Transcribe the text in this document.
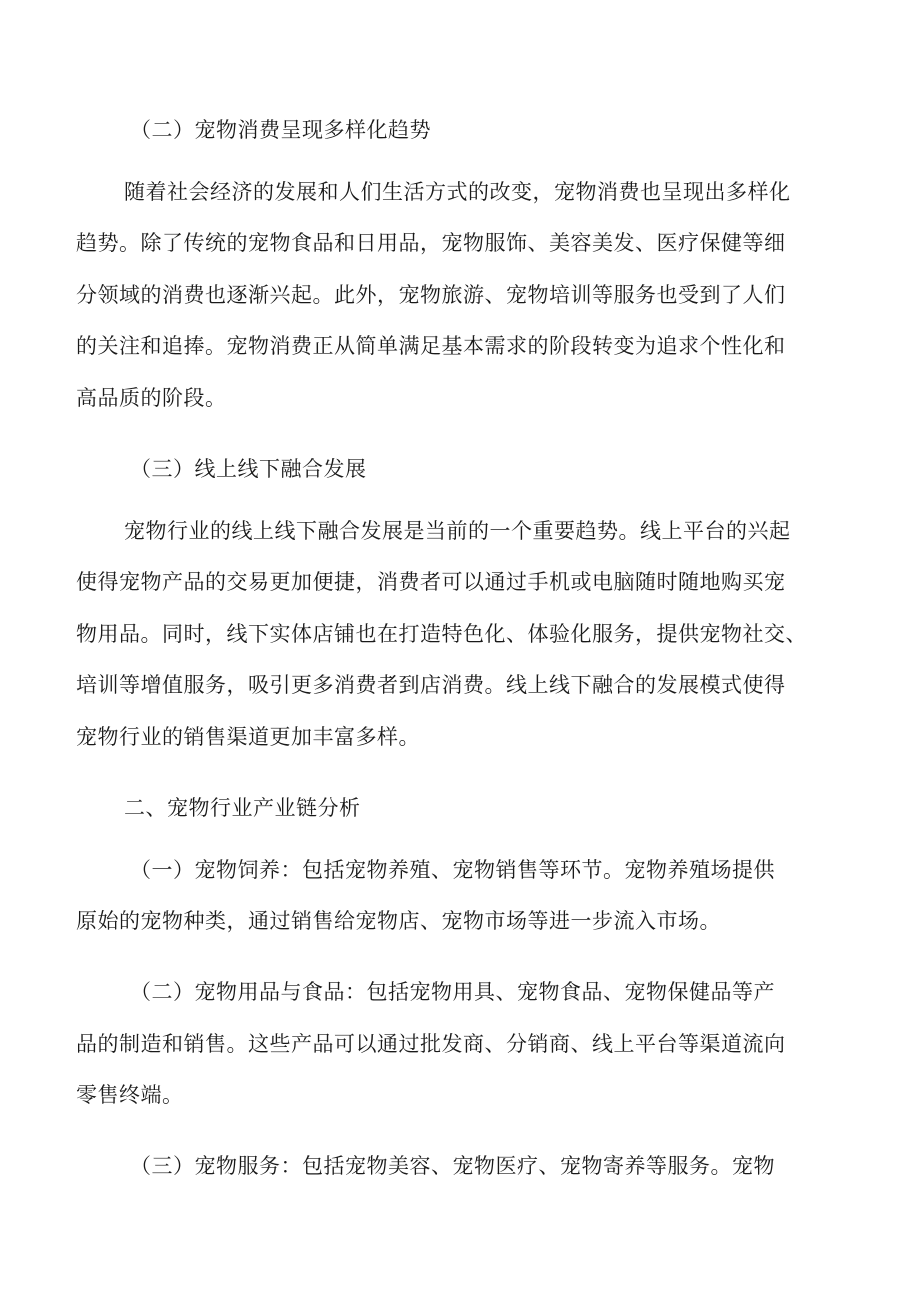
（二）宠物消费呈现多样化趋势
随着社会经济的发展和人们生活方式的改变，宠物消费也呈现出多样化
趋势。除了传统的宠物食品和日用品，宠物服饰、美容美发、医疗保健等细
分领域的消费也逐渐兴起。此外，宠物旅游、宠物培训等服务也受到了人们
的关注和追捧。宠物消费正从简单满足基本需求的阶段转变为追求个性化和
高品质的阶段。
（三）线上线下融合发展
宠物行业的线上线下融合发展是当前的一个重要趋势。线上平台的兴起
使得宠物产品的交易更加便捷，消费者可以通过手机或电脑随时随地购买宠
物用品。同时，线下实体店铺也在打造特色化、体验化服务，提供宠物社交、
培训等增值服务，吸引更多消费者到店消费。线上线下融合的发展模式使得
宠物行业的销售渠道更加丰富多样。
二、宠物行业产业链分析
（一）宠物饲养：包括宠物养殖、宠物销售等环节。宠物养殖场提供
原始的宠物种类，通过销售给宠物店、宠物市场等进一步流入市场。
（二）宠物用品与食品：包括宠物用具、宠物食品、宠物保健品等产
品的制造和销售。这些产品可以通过批发商、分销商、线上平台等渠道流向
零售终端。
（三）宠物服务：包括宠物美容、宠物医疗、宠物寄养等服务。宠物
